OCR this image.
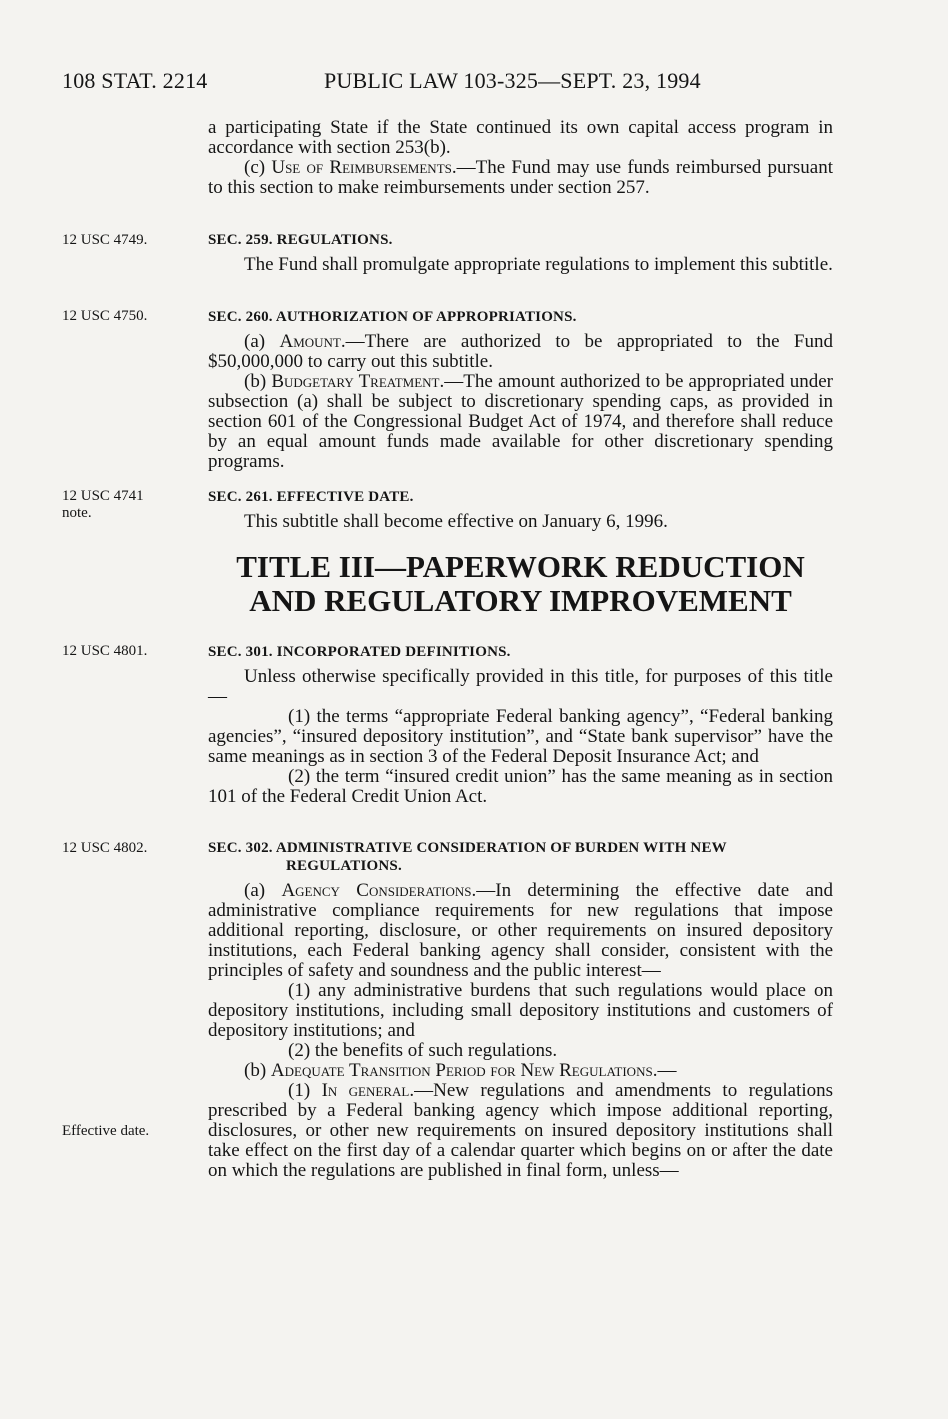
108 STAT. 2214	PUBLIC LAW 103-325—SEPT. 23, 1994

a participating State if the State continued its own capital access program in accordance with section 253(b).

(c) Use of Reimbursements.—The Fund may use funds reimbursed pursuant to this section to make reimbursements under section 257.

12 USC 4749.	SEC. 259. REGULATIONS.

The Fund shall promulgate appropriate regulations to implement this subtitle.

12 USC 4750.	SEC. 260. AUTHORIZATION OF APPROPRIATIONS.

(a) Amount.—There are authorized to be appropriated to the Fund $50,000,000 to carry out this subtitle.

(b) Budgetary Treatment.—The amount authorized to be appropriated under subsection (a) shall be subject to discretionary spending caps, as provided in section 601 of the Congressional Budget Act of 1974, and therefore shall reduce by an equal amount funds made available for other discretionary spending programs.

12 USC 4741
note.

SEC. 261. EFFECTIVE DATE.

This subtitle shall become effective on January 6, 1996.

TITLE III—PAPERWORK REDUCTION
AND REGULATORY IMPROVEMENT
12 USC 4801.	SEC. 301. INCORPORATED DEFINITIONS.

Unless otherwise specifically provided in this title, for purposes of this title—

(1) the terms “appropriate Federal banking agency”, “Federal banking agencies”, “insured depository institution”, and “State bank supervisor” have the same meanings as in section 3 of the Federal Deposit Insurance Act; and

(2) the term “insured credit union” has the same meaning as in section 101 of the Federal Credit Union Act.

12 USC 4802.	SEC. 302. ADMINISTRATIVE CONSIDERATION OF BURDEN WITH NEW
REGULATIONS.

(a) Agency Considerations.—In determining the effective date and administrative compliance requirements for new regulations that impose additional reporting, disclosure, or other requirements on insured depository institutions, each Federal banking agency shall consider, consistent with the principles of safety and soundness and the public interest—

(1) any administrative burdens that such regulations would place on depository institutions, including small depository institutions and customers of depository institutions; and

(2) the benefits of such regulations.

(b) Adequate Transition Period for New Regulations.—

(1) In general.—New regulations and amendments to regulations prescribed by a Federal banking agency which impose additional reporting, disclosures, or other new requirements on insured depository institutions shall take effect on the first day of a calendar quarter which begins on or after the date on which the regulations are published in final form, unless—

Effective date.
